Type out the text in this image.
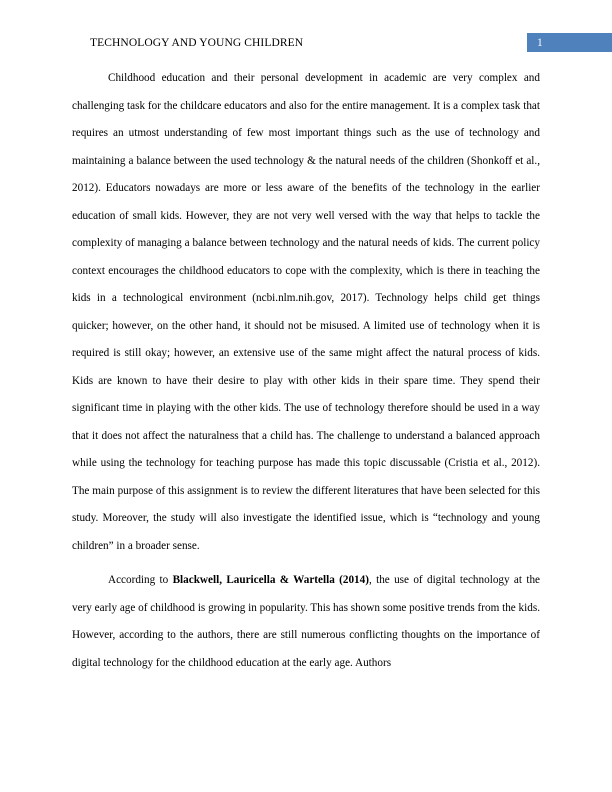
TECHNOLOGY AND YOUNG CHILDREN	1

Childhood education and their personal development in academic are very complex and challenging task for the childcare educators and also for the entire management. It is a complex task that requires an utmost understanding of few most important things such as the use of technology and maintaining a balance between the used technology & the natural needs of the children (Shonkoff et al., 2012). Educators nowadays are more or less aware of the benefits of the technology in the earlier education of small kids. However, they are not very well versed with the way that helps to tackle the complexity of managing a balance between technology and the natural needs of kids. The current policy context encourages the childhood educators to cope with the complexity, which is there in teaching the kids in a technological environment (ncbi.nlm.nih.gov, 2017). Technology helps child get things quicker; however, on the other hand, it should not be misused. A limited use of technology when it is required is still okay; however, an extensive use of the same might affect the natural process of kids. Kids are known to have their desire to play with other kids in their spare time. They spend their significant time in playing with the other kids. The use of technology therefore should be used in a way that it does not affect the naturalness that a child has. The challenge to understand a balanced approach while using the technology for teaching purpose has made this topic discussable (Cristia et al., 2012). The main purpose of this assignment is to review the different literatures that have been selected for this study. Moreover, the study will also investigate the identified issue, which is “technology and young children” in a broader sense.

According to Blackwell, Lauricella & Wartella (2014), the use of digital technology at the very early age of childhood is growing in popularity. This has shown some positive trends from the kids. However, according to the authors, there are still numerous conflicting thoughts on the importance of digital technology for the childhood education at the early age. Authors
